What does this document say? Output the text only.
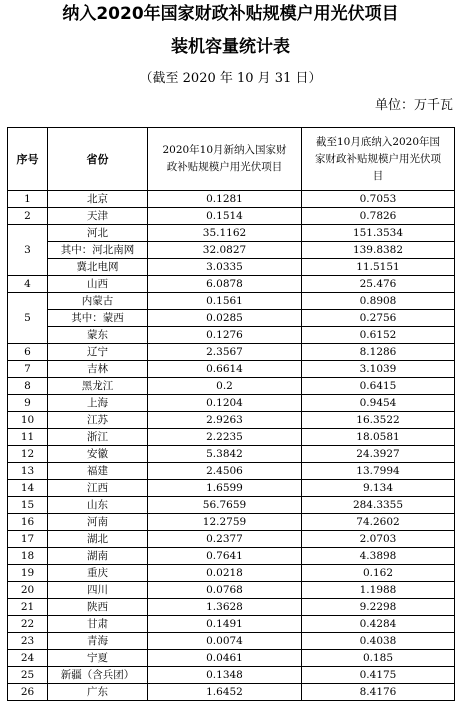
纳入2020年国家财政补贴规模户用光伏项目
装机容量统计表
（截至 2020 年 10 月 31 日）
单位：万千瓦
序号	省份	2020年10月新纳入国家财政补贴规模户用光伏项目	截至10月底纳入2020年国家财政补贴规模户用光伏项目
1	北京	0.1281	0.7053
2	天津	0.1514	0.7826
3	河北	35.1162	151.3534
	其中：河北南网	32.0827	139.8382
	冀北电网	3.0335	11.5151
4	山西	6.0878	25.476
5	内蒙古	0.1561	0.8908
	其中：蒙西	0.0285	0.2756
	蒙东	0.1276	0.6152
6	辽宁	2.3567	8.1286
7	吉林	0.6614	3.1039
8	黑龙江	0.2	0.6415
9	上海	0.1204	0.9454
10	江苏	2.9263	16.3522
11	浙江	2.2235	18.0581
12	安徽	5.3842	24.3927
13	福建	2.4506	13.7994
14	江西	1.6599	9.134
15	山东	56.7659	284.3355
16	河南	12.2759	74.2602
17	湖北	0.2377	2.0703
18	湖南	0.7641	4.3898
19	重庆	0.0218	0.162
20	四川	0.0768	1.1988
21	陕西	1.3628	9.2298
22	甘肃	0.1491	0.4284
23	青海	0.0074	0.4038
24	宁夏	0.0461	0.185
25	新疆（含兵团）	0.1348	0.4175
26	广东	1.6452	8.4176
